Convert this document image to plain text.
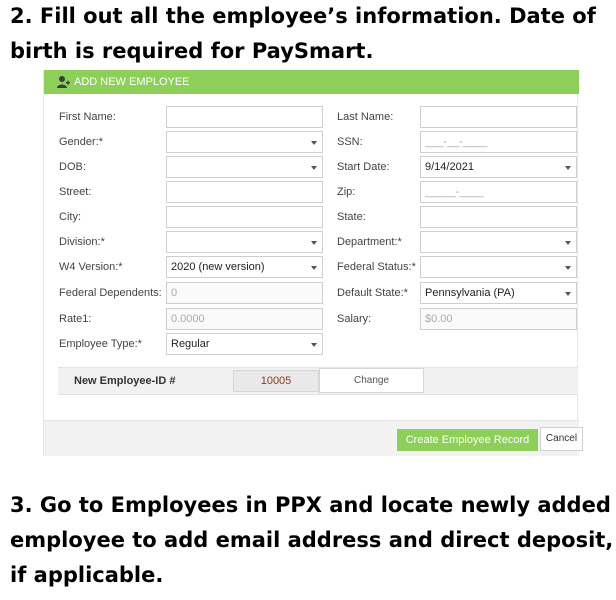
2. Fill out all the employee’s information. Date of birth is required for PaySmart.
ADD NEW EMPLOYEE
First Name:	Last Name:
Gender:*	SSN:	___-__-____
DOB:	Start Date:	9/14/2021
Street:	Zip:	_____-____
City:	State:
Division:*	Department:*
W4 Version:*	2020 (new version)	Federal Status:*
Federal Dependents: 0	Default State:*	Pennsylvania (PA)
Rate1:	0.0000	Salary:	$0.00
Employee Type:*	Regular
New Employee-ID #	10005	Change
Create Employee Record	Cancel
3. Go to Employees in PPX and locate newly added employee to add email address and direct deposit, if applicable.
